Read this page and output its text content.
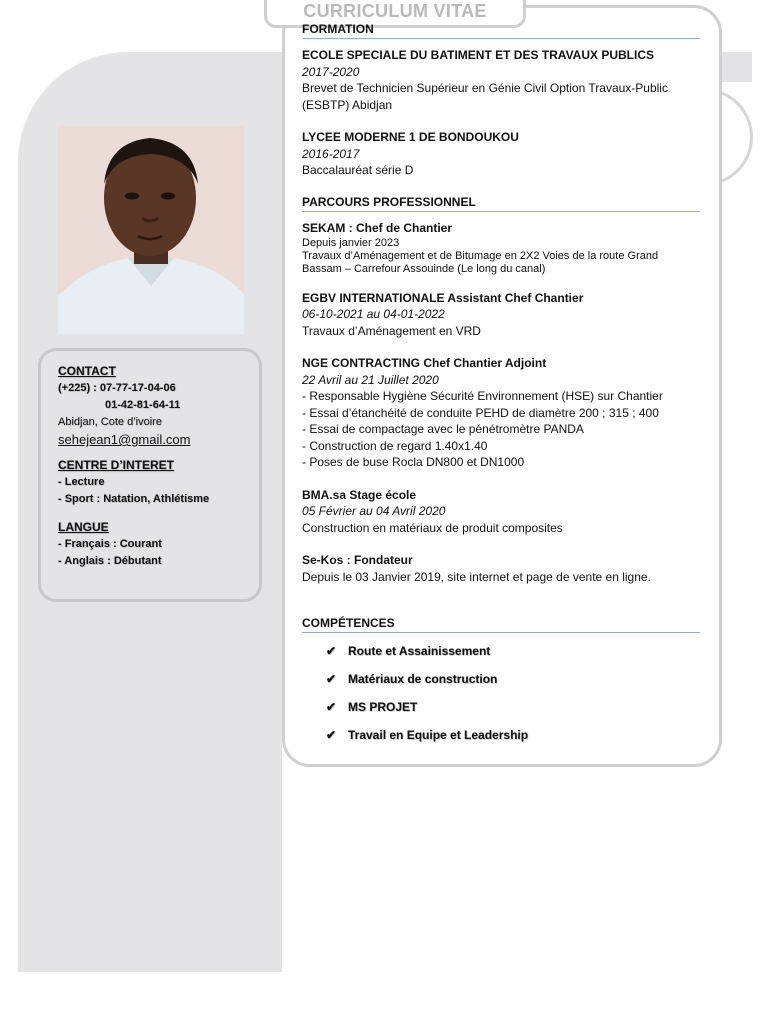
CURRICULUM VITAE
CONTACT
(+225) : 07-77-17-04-06
01-42-81-64-11
Abidjan, Cote d’ivoire
sehejean1@gmail.com
CENTRE D’INTERET
- Lecture
- Sport : Natation, Athlétisme
LANGUE
- Français : Courant
- Anglais : Débutant
FORMATION
ECOLE SPECIALE DU BATIMENT ET DES TRAVAUX PUBLICS
2017-2020
Brevet de Technicien Supérieur en Génie Civil Option Travaux-Public (ESBTP) Abidjan
LYCEE MODERNE 1 DE BONDOUKOU
2016-2017
Baccalauréat série D
PARCOURS PROFESSIONNEL
SEKAM : Chef de Chantier
Depuis janvier 2023
Travaux d’Aménagement et de Bitumage en 2X2 Voies de la route Grand Bassam – Carrefour Assouinde (Le long du canal)
EGBV INTERNATIONALE Assistant Chef Chantier
06-10-2021 au 04-01-2022
Travaux d’Aménagement en VRD
NGE CONTRACTING Chef Chantier Adjoint
22 Avril au 21 Juillet 2020
- Responsable Hygiène Sécurité Environnement (HSE) sur Chantier
- Essai d’étanchéité de conduite PEHD de diamètre 200 ; 315 ; 400
- Essai de compactage avec le pénétromètre PANDA
- Construction de regard 1.40x1.40
- Poses de buse Rocla DN800 et DN1000
BMA.sa Stage école
05 Février au 04 Avril 2020
Construction en matériaux de produit composites
Se-Kos : Fondateur
Depuis le 03 Janvier 2019, site internet et page de vente en ligne.
COMPÉTENCES
✔ Route et Assainissement
✔ Matériaux de construction
✔ MS PROJET
✔ Travail en Equipe et Leadership
